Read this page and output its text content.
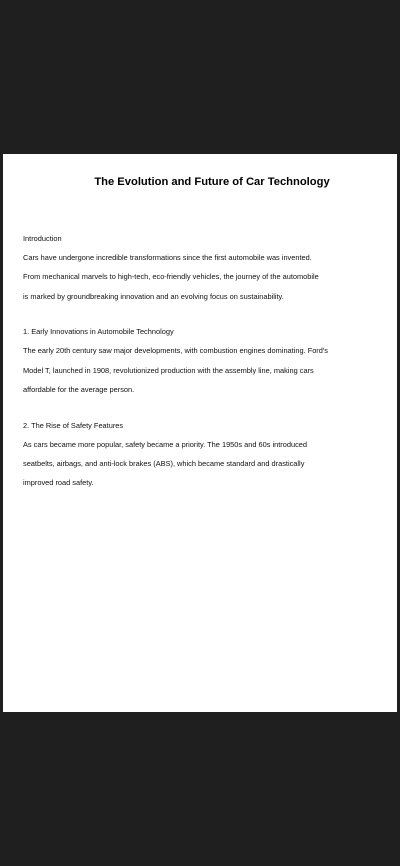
The Evolution and Future of Car Technology
Introduction
Cars have undergone incredible transformations since the first automobile was invented.
From mechanical marvels to high-tech, eco-friendly vehicles, the journey of the automobile
is marked by groundbreaking innovation and an evolving focus on sustainability.
1. Early Innovations in Automobile Technology
The early 20th century saw major developments, with combustion engines dominating. Ford's
Model T, launched in 1908, revolutionized production with the assembly line, making cars
affordable for the average person.
2. The Rise of Safety Features
As cars became more popular, safety became a priority. The 1950s and 60s introduced
seatbelts, airbags, and anti-lock brakes (ABS), which became standard and drastically
improved road safety.
